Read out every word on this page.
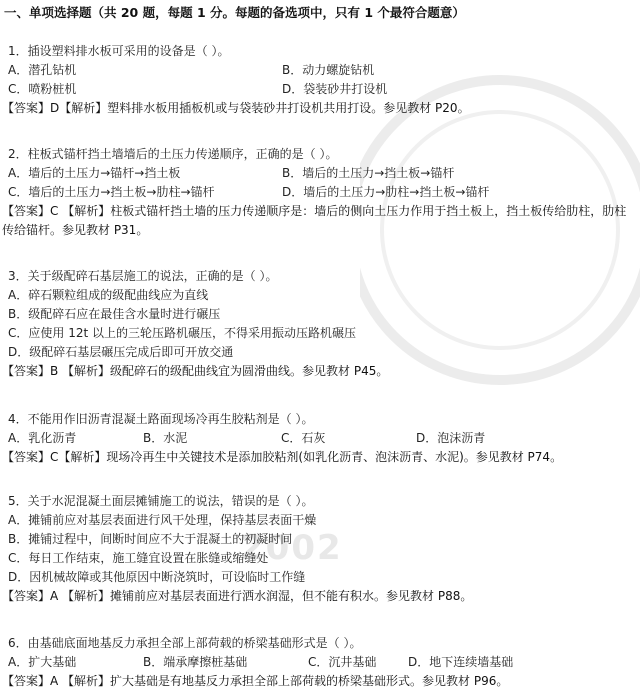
2002
一、单项选择题（共 20 题，每题 1 分。每题的备选项中，只有 1 个最符合题意）
1．插设塑料排水板可采用的设备是（ ）。
A．潜孔钻机	B．动力螺旋钻机
C．喷粉桩机	D．袋装砂井打设机
【答案】D【解析】塑料排水板用插板机或与袋装砂井打设机共用打设。参见教材 P20。
2．柱板式锚杆挡土墙墙后的土压力传递顺序，正确的是（ ）。
A．墙后的土压力→锚杆→挡土板	B．墙后的土压力→挡土板→锚杆
C．墙后的土压力→挡土板→肋柱→锚杆	D．墙后的土压力→肋柱→挡土板→锚杆
【答案】C 【解析】柱板式锚杆挡土墙的压力传递顺序是：墙后的侧向土压力作用于挡土板上，挡土板传给肋柱，肋柱传给锚杆。参见教材 P31。
3．关于级配碎石基层施工的说法，正确的是（ ）。
A．碎石颗粒组成的级配曲线应为直线
B．级配碎石应在最佳含水量时进行碾压
C．应使用 12t 以上的三轮压路机碾压，不得采用振动压路机碾压
D．级配碎石基层碾压完成后即可开放交通
【答案】B 【解析】级配碎石的级配曲线宜为圆滑曲线。参见教材 P45。
4．不能用作旧沥青混凝土路面现场冷再生胶粘剂是（ ）。
A．乳化沥青	B．水泥	C．石灰	D．泡沫沥青
【答案】C【解析】现场冷再生中关键技术是添加胶粘剂(如乳化沥青、泡沫沥青、水泥)。参见教材 P74。
5．关于水泥混凝土面层摊铺施工的说法，错误的是（ ）。
A．摊铺前应对基层表面进行风干处理，保持基层表面干燥
B．摊铺过程中，间断时间应不大于混凝土的初凝时间
C．每日工作结束，施工缝宜设置在胀缝或缩缝处
D．因机械故障或其他原因中断浇筑时，可设临时工作缝
【答案】A 【解析】摊铺前应对基层表面进行洒水润湿，但不能有积水。参见教材 P88。
6．由基础底面地基反力承担全部上部荷载的桥梁基础形式是（ ）。
A．扩大基础	B．端承摩擦桩基础	C．沉井基础	D．地下连续墙基础
【答案】A 【解析】扩大基础是有地基反力承担全部上部荷载的桥梁基础形式。参见教材 P96。
